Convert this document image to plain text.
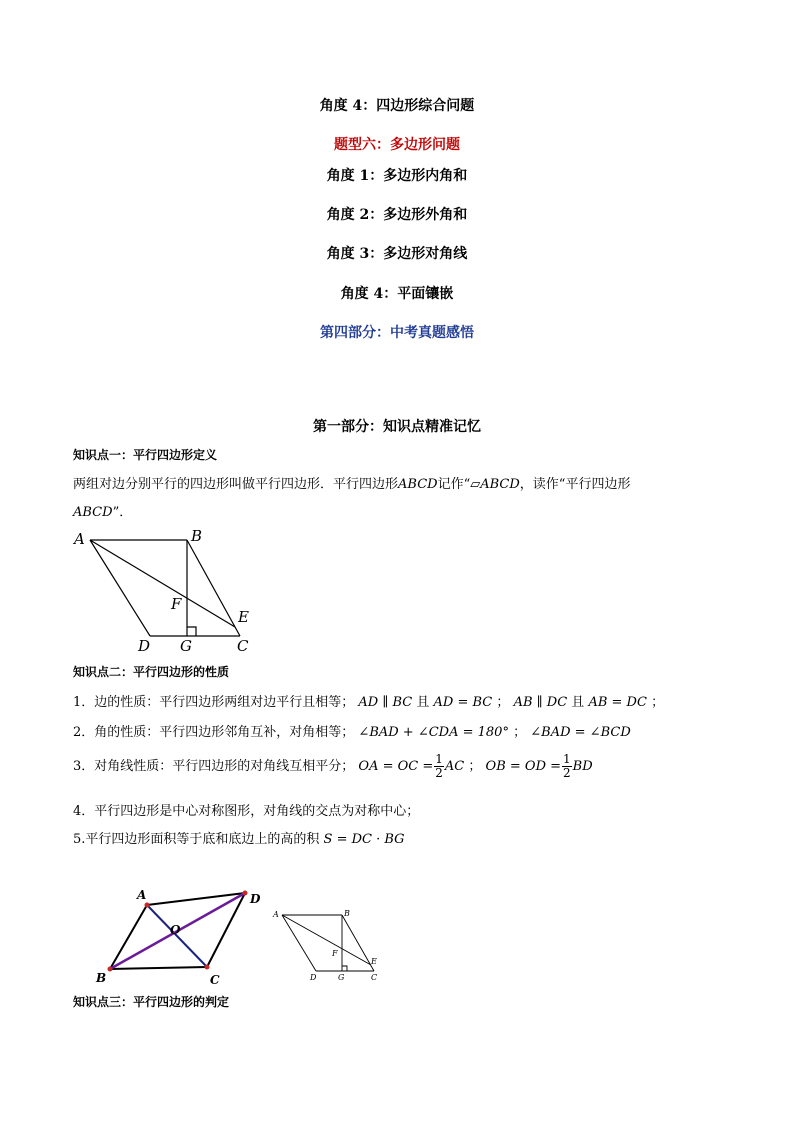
角度 4：四边形综合问题
题型六：多边形问题
角度 1：多边形内角和
角度 2：多边形外角和
角度 3：多边形对角线
角度 4：平面镶嵌
第四部分：中考真题感悟
第一部分：知识点精准记忆
知识点一：平行四边形定义
两组对边分别平行的四边形叫做平行四边形．平行四边形ABCD记作“▱ABCD，读作“平行四边形
ABCD”．
A	B
C
D
E
F
G
知识点二：平行四边形的性质
1．边的性质：平行四边形两组对边平行且相等； AD ∥ BC 且 AD = BC ； AB ∥ DC 且 AB = DC ；
2．角的性质：平行四边形邻角互补，对角相等； ∠BAD + ∠CDA = 180° ； ∠BAD = ∠BCD
3．对角线性质：平行四边形的对角线互相平分； OA = OC = $\frac{1}{2}$ AC ； OB = OD = $\frac{1}{2}$ BD
4．平行四边形是中心对称图形，对角线的交点为对称中心；
5.平行四边形面积等于底和底边上的高的积 S = DC · BG
A	D
C
B
O
A	B
C
D
E
F
G
知识点三：平行四边形的判定
